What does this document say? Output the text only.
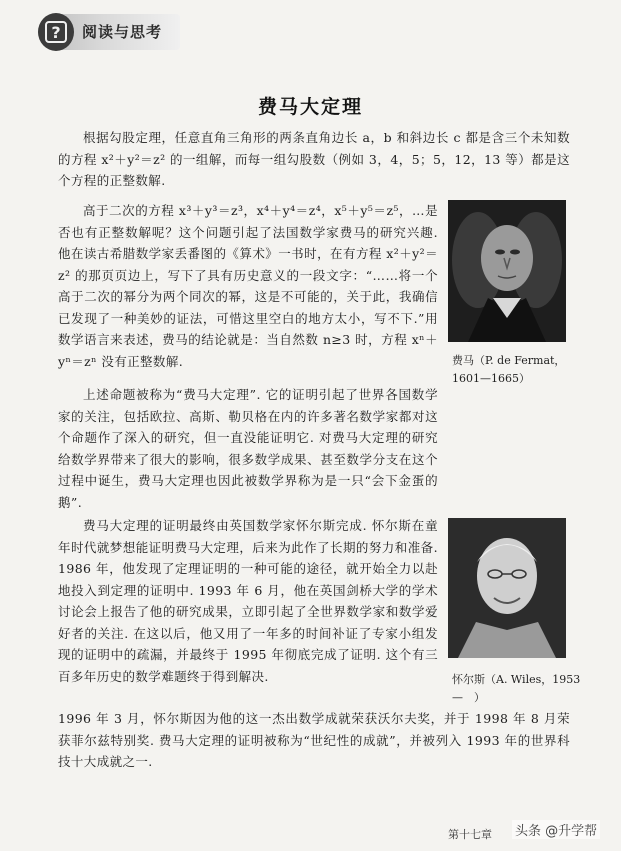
? 阅读与思考
费马大定理
根据勾股定理，任意直角三角形的两条直角边长 a，b 和斜边长 c 都是含三个未知数的方程 x²＋y²＝z² 的一组解，而每一组勾股数（例如 3，4，5；5，12，13 等）都是这个方程的正整数解.
高于二次的方程 x³＋y³＝z³，x⁴＋y⁴＝z⁴，x⁵＋y⁵＝z⁵，…是否也有正整数解呢？这个问题引起了法国数学家费马的研究兴趣. 他在读古希腊数学家丢番图的《算术》一书时，在有方程 x²＋y²＝z² 的那页页边上，写下了具有历史意义的一段文字：“……将一个高于二次的幂分为两个同次的幂，这是不可能的，关于此，我确信已发现了一种美妙的证法，可惜这里空白的地方太小，写不下.”用数学语言来表述，费马的结论就是：当自然数 n≥3 时，方程 xⁿ＋yⁿ＝zⁿ 没有正整数解.
上述命题被称为“费马大定理”. 它的证明引起了世界各国数学家的关注，包括欧拉、高斯、勒贝格在内的许多著名数学家都对这个命题作了深入的研究，但一直没能证明它. 对费马大定理的研究给数学界带来了很大的影响，很多数学成果、甚至数学分支在这个过程中诞生，费马大定理也因此被数学界称为是一只“会下金蛋的鹅”.
费马大定理的证明最终由英国数学家怀尔斯完成. 怀尔斯在童年时代就梦想能证明费马大定理，后来为此作了长期的努力和准备. 1986 年，他发现了定理证明的一种可能的途径，就开始全力以赴地投入到定理的证明中. 1993 年 6 月，他在英国剑桥大学的学术讨论会上报告了他的研究成果，立即引起了全世界数学家和数学爱好者的关注. 在这以后，他又用了一年多的时间补证了专家小组发现的证明中的疏漏，并最终于 1995 年彻底完成了证明. 这个有三百多年历史的数学难题终于得到解决.
1996 年 3 月，怀尔斯因为他的这一杰出数学成就荣获沃尔夫奖，并于 1998 年 8 月荣获菲尔兹特别奖. 费马大定理的证明被称为“世纪性的成就”，并被列入 1993 年的世界科技十大成就之一.
费马（P. de Fermat，1601—1665）
怀尔斯（A. Wiles，1953—　）
第十七章 头条 @升学帮
